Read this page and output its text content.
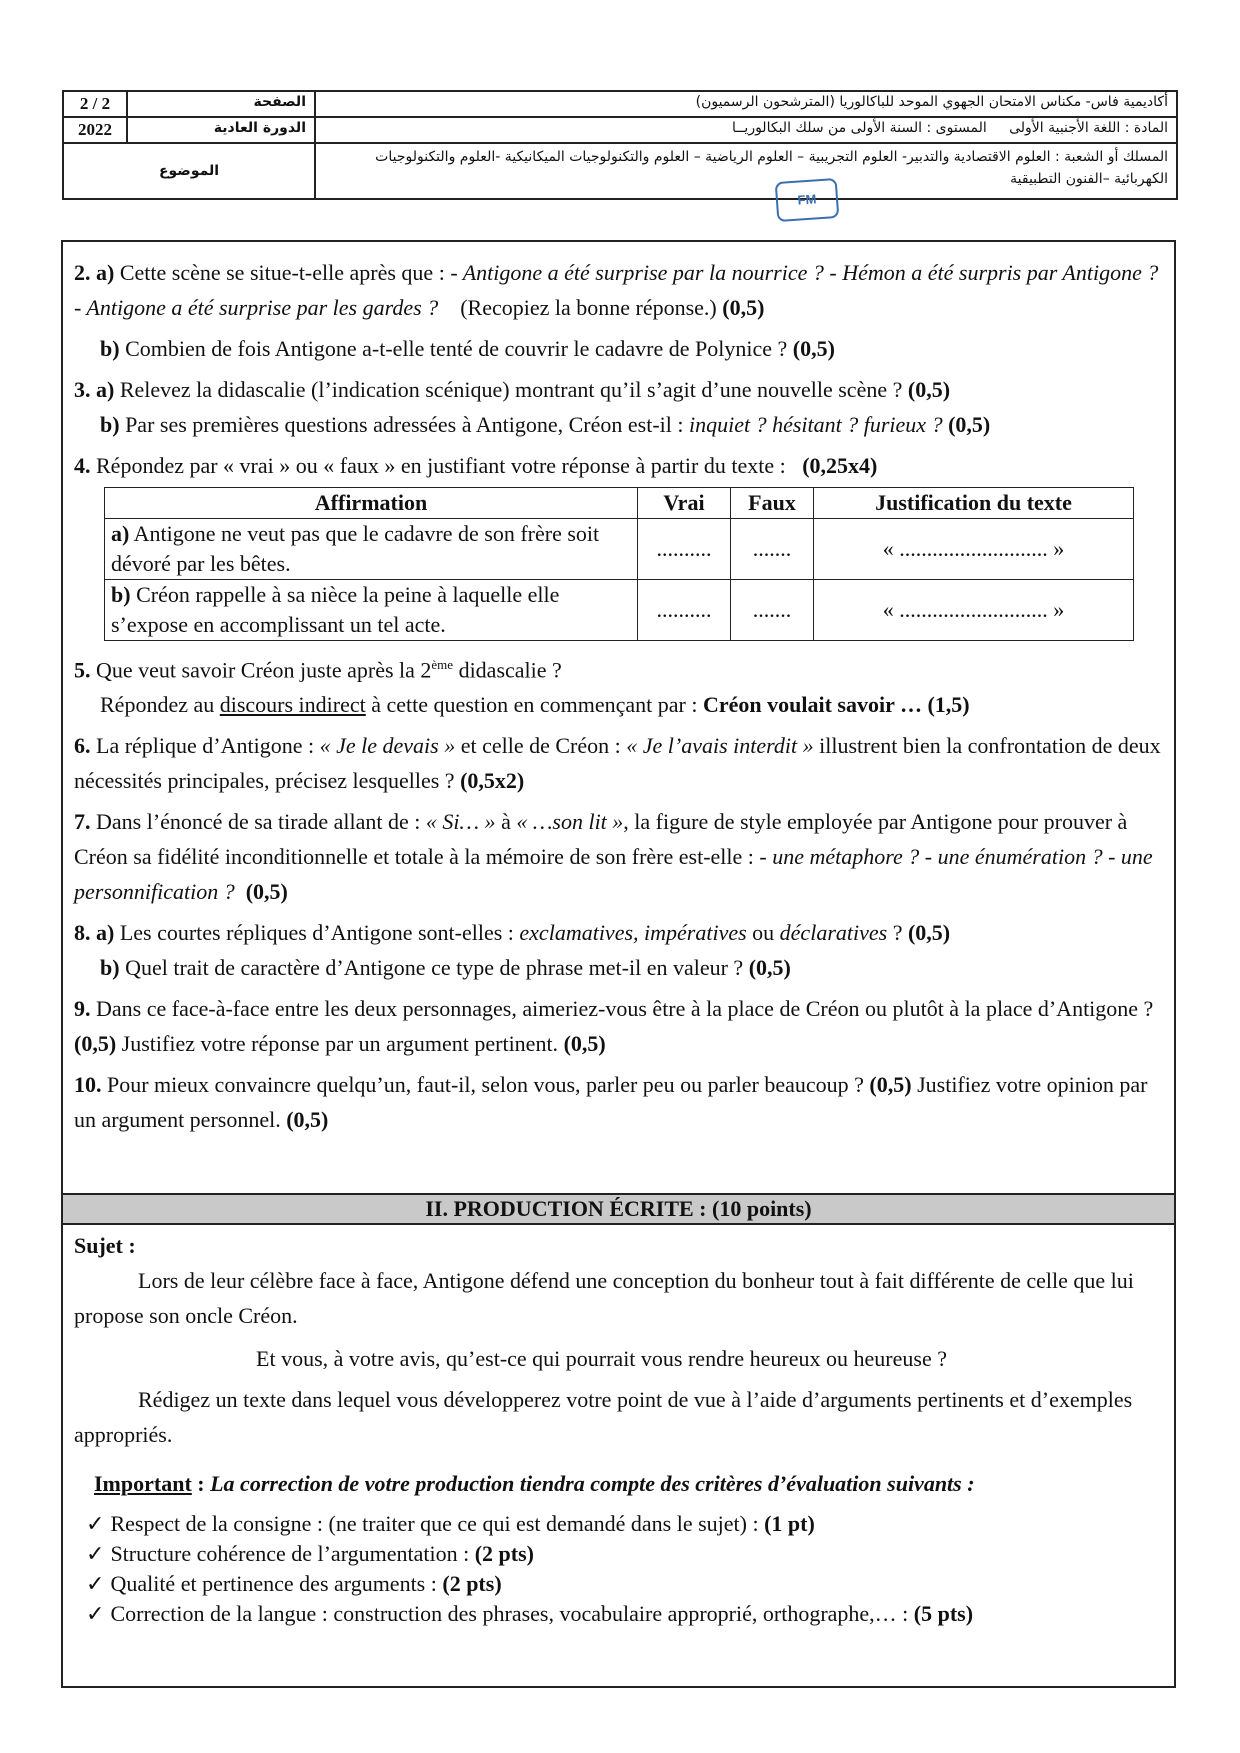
2 / 2	الصفحة	أكاديمية فاس- مكناس الامتحان الجهوي الموحد للباكالوريا (المترشحون الرسميون)
2022	الدورة العادية	المادة : اللغة الأجنبية الأولى     المستوى : السنة الأولى من سلك البكالوريــا
الموضوع		المسلك أو الشعبة : العلوم الاقتصادية والتدبير- العلوم التجريبية – العلوم الرياضية – العلوم والتكنولوجيات الميكانيكية -العلوم والتكنولوجيات الكهربائية –الفنون التطبيقية
FM
2. a) Cette scène se situe-t-elle après que : - Antigone a été surprise par la nourrice ? - Hémon a été surpris par Antigone ? - Antigone a été surprise par les gardes ? (Recopiez la bonne réponse.) (0,5)
b) Combien de fois Antigone a-t-elle tenté de couvrir le cadavre de Polynice ? (0,5)
3. a) Relevez la didascalie (l’indication scénique) montrant qu’il s’agit d’une nouvelle scène ? (0,5)
b) Par ses premières questions adressées à Antigone, Créon est-il : inquiet ? hésitant ? furieux ? (0,5)
4. Répondez par « vrai » ou « faux » en justifiant votre réponse à partir du texte : (0,25x4)
Affirmation	Vrai	Faux	Justification du texte
a) Antigone ne veut pas que le cadavre de son frère soit dévoré par les bêtes.	..........	.......	« ........................... »
b) Créon rappelle à sa nièce la peine à laquelle elle s’expose en accomplissant un tel acte.	..........	.......	« ........................... »
5. Que veut savoir Créon juste après la 2ème didascalie ?
Répondez au discours indirect à cette question en commençant par : Créon voulait savoir … (1,5)
6. La réplique d’Antigone : « Je le devais » et celle de Créon : « Je l’avais interdit » illustrent bien la confrontation de deux nécessités principales, précisez lesquelles ? (0,5x2)
7. Dans l’énoncé de sa tirade allant de : « Si… » à « …son lit », la figure de style employée par Antigone pour prouver à Créon sa fidélité inconditionnelle et totale à la mémoire de son frère est-elle : - une métaphore ? - une énumération ? - une personnification ? (0,5)
8. a) Les courtes répliques d’Antigone sont-elles : exclamatives, impératives ou déclaratives ? (0,5)
b) Quel trait de caractère d’Antigone ce type de phrase met-il en valeur ? (0,5)
9. Dans ce face-à-face entre les deux personnages, aimeriez-vous être à la place de Créon ou plutôt à la place d’Antigone ? (0,5) Justifiez votre réponse par un argument pertinent. (0,5)
10. Pour mieux convaincre quelqu’un, faut-il, selon vous, parler peu ou parler beaucoup ? (0,5) Justifiez votre opinion par un argument personnel. (0,5)
II. PRODUCTION ÉCRITE : (10 points)
Sujet :
Lors de leur célèbre face à face, Antigone défend une conception du bonheur tout à fait différente de celle que lui propose son oncle Créon.
Et vous, à votre avis, qu’est-ce qui pourrait vous rendre heureux ou heureuse ?
Rédigez un texte dans lequel vous développerez votre point de vue à l’aide d’arguments pertinents et d’exemples appropriés.
Important : La correction de votre production tiendra compte des critères d’évaluation suivants :
✓ Respect de la consigne : (ne traiter que ce qui est demandé dans le sujet) : (1 pt)
✓ Structure cohérence de l’argumentation : (2 pts)
✓ Qualité et pertinence des arguments : (2 pts)
✓ Correction de la langue : construction des phrases, vocabulaire approprié, orthographe,… : (5 pts)
